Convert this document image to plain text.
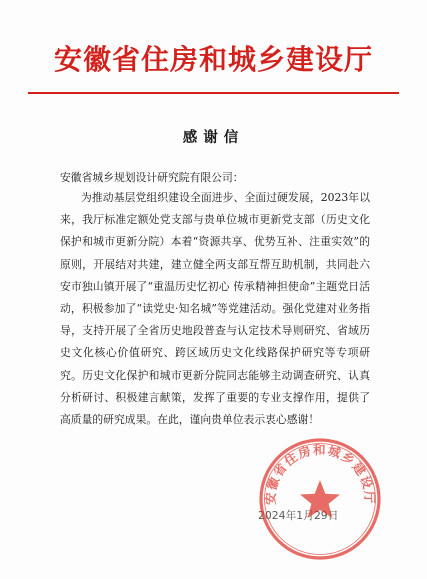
安徽省住房和城乡建设厅
感谢信
安徽省城乡规划设计研究院有限公司：

为推动基层党组织建设全面进步、全面过硬发展，2023年以来，我厅标准定额处党支部与贵单位城市更新党支部（历史文化保护和城市更新分院）本着“资源共享、优势互补、注重实效”的原则，开展结对共建，建立健全两支部互帮互助机制，共同赴六安市独山镇开展了“重温历史忆初心 传承精神担使命”主题党日活动，积极参加了“读党史·知名城”等党建活动。强化党建对业务指导，支持开展了全省历史地段普查与认定技术导则研究、省域历史文化核心价值研究、跨区域历史文化线路保护研究等专项研究。历史文化保护和城市更新分院同志能够主动调查研究、认真分析研讨、积极建言献策，发挥了重要的专业支撑作用，提供了高质量的研究成果。在此，谨向贵单位表示衷心感谢！

2024年1月29日
安徽省住房和城乡建设厅
